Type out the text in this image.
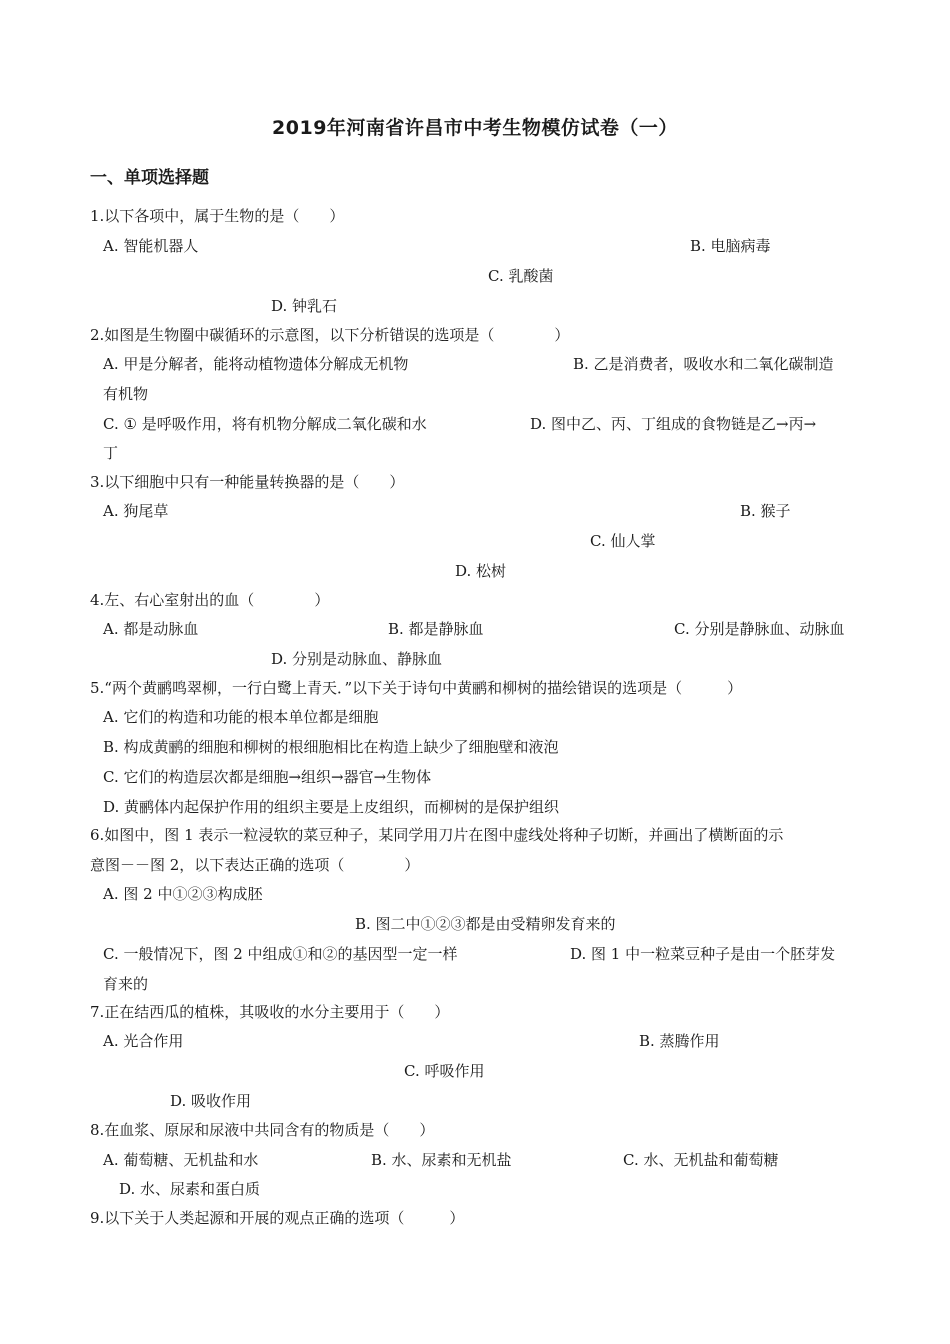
2019年河南省许昌市中考生物模仿试卷（一）
一、单项选择题
1.以下各项中，属于生物的是（　　）
A. 智能机器人	B. 电脑病毒
C. 乳酸菌
D. 钟乳石
2.如图是生物圈中碳循环的示意图，以下分析错误的选项是（　　　　）
A. 甲是分解者，能将动植物遗体分解成无机物	B. 乙是消费者，吸收水和二氧化碳制造
有机物
C. ① 是呼吸作用，将有机物分解成二氧化碳和水	D. 图中乙、丙、丁组成的食物链是乙→丙→
丁
3.以下细胞中只有一种能量转换器的是（　　）
A. 狗尾草	B. 猴子
C. 仙人掌
D. 松树
4.左、右心室射出的血（　　　　）
A. 都是动脉血	B. 都是静脉血	C. 分别是静脉血、动脉血
D. 分别是动脉血、静脉血
5.“两个黄鹂鸣翠柳，一行白鹭上青天．”以下关于诗句中黄鹂和柳树的描绘错误的选项是（　　　）
A. 它们的构造和功能的根本单位都是细胞
B. 构成黄鹂的细胞和柳树的根细胞相比在构造上缺少了细胞壁和液泡
C. 它们的构造层次都是细胞→组织→器官→生物体
D. 黄鹂体内起保护作用的组织主要是上皮组织，而柳树的是保护组织
6.如图中，图 1 表示一粒浸软的菜豆种子，某同学用刀片在图中虚线处将种子切断，并画出了横断面的示
意图－－图 2，以下表达正确的选项（　　　　）
A. 图 2 中①②③构成胚
B. 图二中①②③都是由受精卵发育来的
C. 一般情况下，图 2 中组成①和②的基因型一定一样	D. 图 1 中一粒菜豆种子是由一个胚芽发
育来的
7.正在结西瓜的植株，其吸收的水分主要用于（　　）
A. 光合作用	B. 蒸腾作用
C. 呼吸作用
D. 吸收作用
8.在血浆、原尿和尿液中共同含有的物质是（　　）
A. 葡萄糖、无机盐和水	B. 水、尿素和无机盐	C. 水、无机盐和葡萄糖
D. 水、尿素和蛋白质
9.以下关于人类起源和开展的观点正确的选项（　　　）
